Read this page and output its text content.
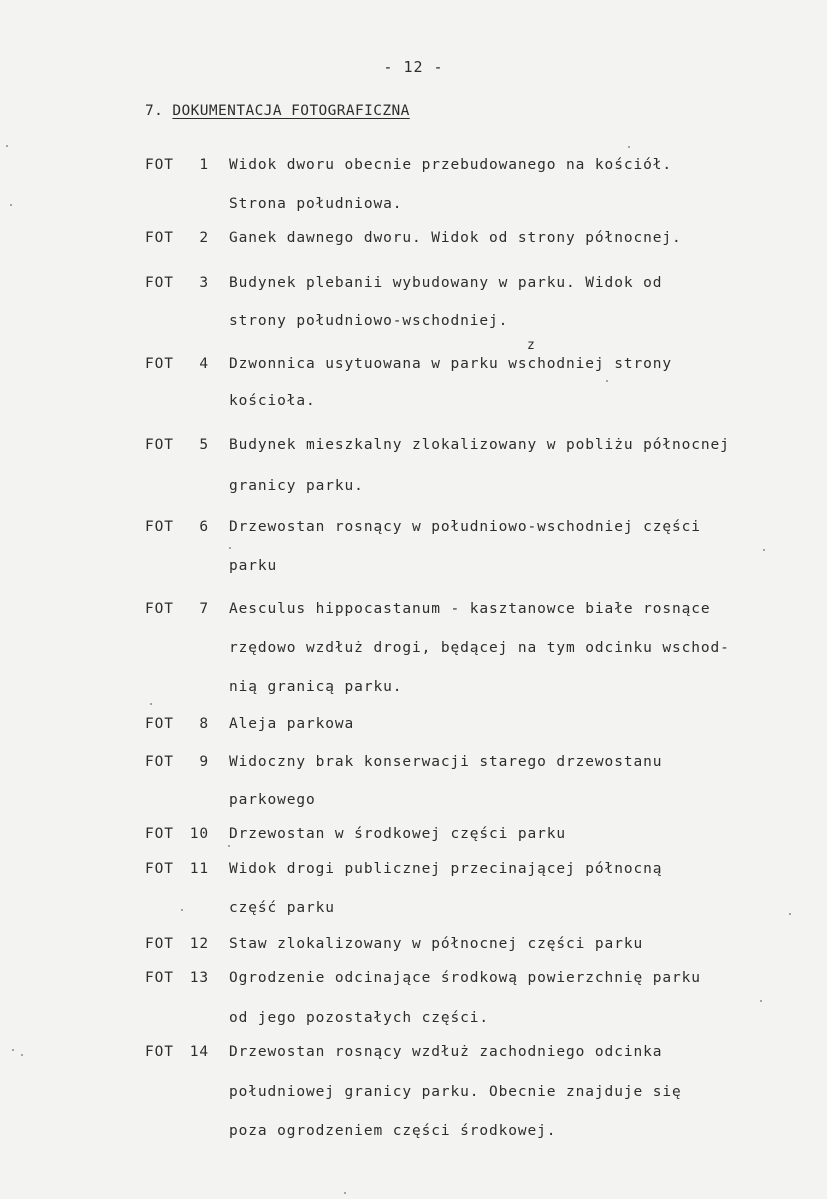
- 12 -
7. DOKUMENTACJA FOTOGRAFICZNA
FOT	1 Widok dworu obecnie przebudowanego na kościół.
Strona południowa.
FOT	2 Ganek dawnego dworu. Widok od strony północnej.
FOT	3 Budynek plebanii wybudowany w parku. Widok od
strony południowo-wschodniej.
FOT	4 Dzwonnica usytuowana w parku wschodniej strony
kościoła.
FOT	5 Budynek mieszkalny zlokalizowany w pobliżu północnej
granicy parku.
FOT	6 Drzewostan rosnący w południowo-wschodniej części
parku
FOT	7 Aesculus hippocastanum - kasztanowce białe rosnące
rzędowo wzdłuż drogi, będącej na tym odcinku wschod-
nią granicą parku.
FOT	8 Aleja parkowa
FOT	9 Widoczny brak konserwacji starego drzewostanu
parkowego
FOT	10 Drzewostan w środkowej części parku
FOT	11 Widok drogi publicznej przecinającej północną
część parku
FOT	12 Staw zlokalizowany w północnej części parku
FOT	13 Ogrodzenie odcinające środkową powierzchnię parku
od jego pozostałych części.
FOT	14 Drzewostan rosnący wzdłuż zachodniego odcinka
południowej granicy parku. Obecnie znajduje się
poza ogrodzeniem części środkowej.
z
